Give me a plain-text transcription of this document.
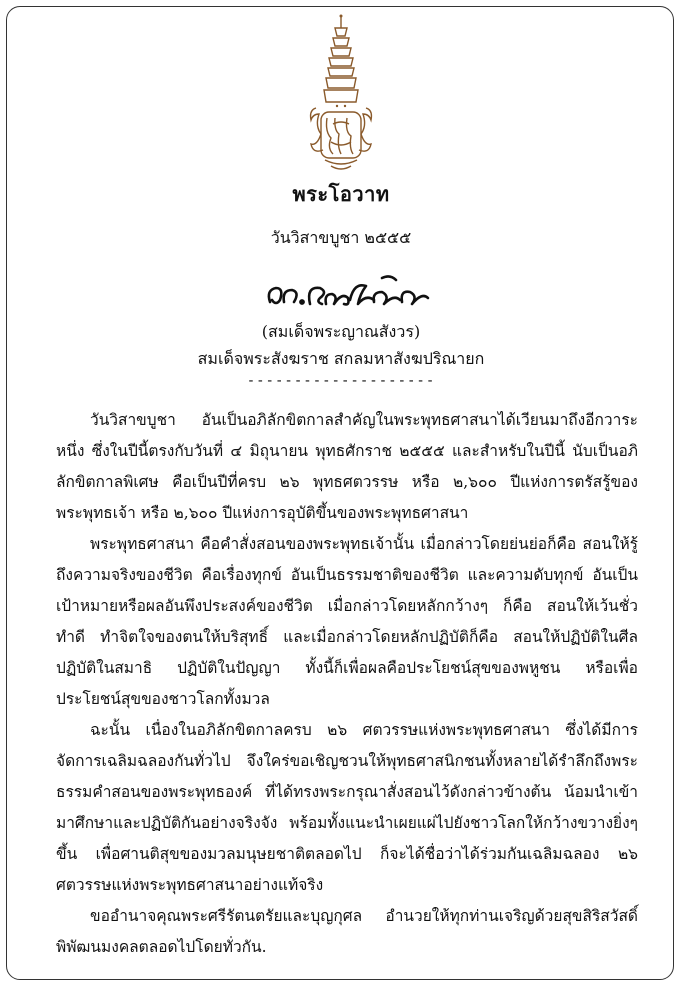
พระโอวาท
วันวิสาขบูชา ๒๕๕๕
(สมเด็จพระญาณสังวร)
สมเด็จพระสังฆราช สกลมหาสังฆปริณายก
--------------------

วันวิสาขบูชา อันเป็นอภิลักขิตกาลสำคัญในพระพุทธศาสนาได้เวียนมาถึงอีกวาระหนึ่ง ซึ่งในปีนี้ตรงกับวันที่ ๔ มิถุนายน พุทธศักราช ๒๕๕๕ และสำหรับในปีนี้ นับเป็นอภิลักขิตกาลพิเศษ คือเป็นปีที่ครบ ๒๖ พุทธศตวรรษ หรือ ๒,๖๐๐ ปีแห่งการตรัสรู้ของพระพุทธเจ้า หรือ ๒,๖๐๐ ปีแห่งการอุบัติขึ้นของพระพุทธศาสนา

พระพุทธศาสนา คือคำสั่งสอนของพระพุทธเจ้านั้น เมื่อกล่าวโดยย่นย่อก็คือ สอนให้รู้ถึงความจริงของชีวิต คือเรื่องทุกข์ อันเป็นธรรมชาติของชีวิต และความดับทุกข์ อันเป็นเป้าหมายหรือผลอันพึงประสงค์ของชีวิต เมื่อกล่าวโดยหลักกว้างๆ ก็คือ สอนให้เว้นชั่ว ทำดี ทำจิตใจของตนให้บริสุทธิ์ และเมื่อกล่าวโดยหลักปฏิบัติก็คือ สอนให้ปฏิบัติในศีล ปฏิบัติในสมาธิ ปฏิบัติในปัญญา ทั้งนี้ก็เพื่อผลคือประโยชน์สุขของพหูชน หรือเพื่อประโยชน์สุขของชาวโลกทั้งมวล

ฉะนั้น เนื่องในอภิลักขิตกาลครบ ๒๖ ศตวรรษแห่งพระพุทธศาสนา ซึ่งได้มีการจัดการเฉลิมฉลองกันทั่วไป จึงใคร่ขอเชิญชวนให้พุทธศาสนิกชนทั้งหลายได้รำลึกถึงพระธรรมคำสอนของพระพุทธองค์ ที่ได้ทรงพระกรุณาสั่งสอนไว้ดังกล่าวข้างต้น น้อมนำเข้ามาศึกษาและปฏิบัติกันอย่างจริงจัง พร้อมทั้งแนะนำเผยแผ่ไปยังชาวโลกให้กว้างขวางยิ่งๆ ขึ้น เพื่อศานติสุขของมวลมนุษยชาติตลอดไป ก็จะได้ชื่อว่าได้ร่วมกันเฉลิมฉลอง ๒๖ ศตวรรษแห่งพระพุทธศาสนาอย่างแท้จริง

ขออำนาจคุณพระศรีรัตนตรัยและบุญกุศล อำนวยให้ทุกท่านเจริญด้วยสุขสิริสวัสดิ์พิพัฒนมงคลตลอดไปโดยทั่วกัน.
